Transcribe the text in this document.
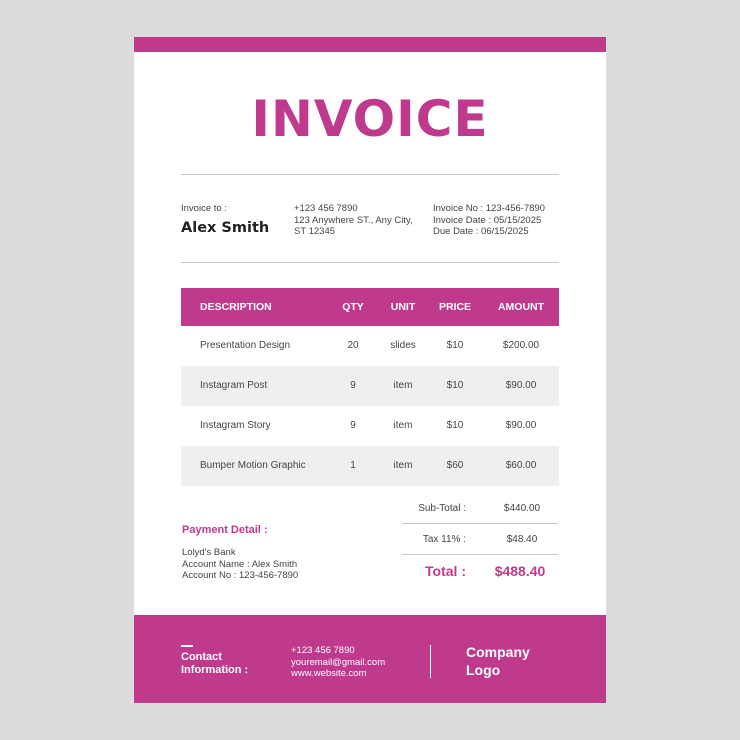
INVOICE
Invoice to :
Alex Smith
+123 456 7890
123 Anywhere ST., Any City,
ST 12345
Invoice No : 123-456-7890
Invoice Date : 05/15/2025
Due Date : 06/15/2025
DESCRIPTION	QTY	UNIT	PRICE	AMOUNT
Presentation Design	20	slides	$10	$200.00
Instagram Post	9	item	$10	$90.00
Instagram Story	9	item	$10	$90.00
Bumper Motion Graphic	1	item	$60	$60.00
Sub-Total :	$440.00
Tax 11% :	$48.40
Total :	$488.40
Payment Detail :
Lolyd's Bank
Account Name : Alex Smith
Account No : 123-456-7890
Contact
Information :
+123 456 7890
youremail@gmail.com
www.website.com
Company
Logo
